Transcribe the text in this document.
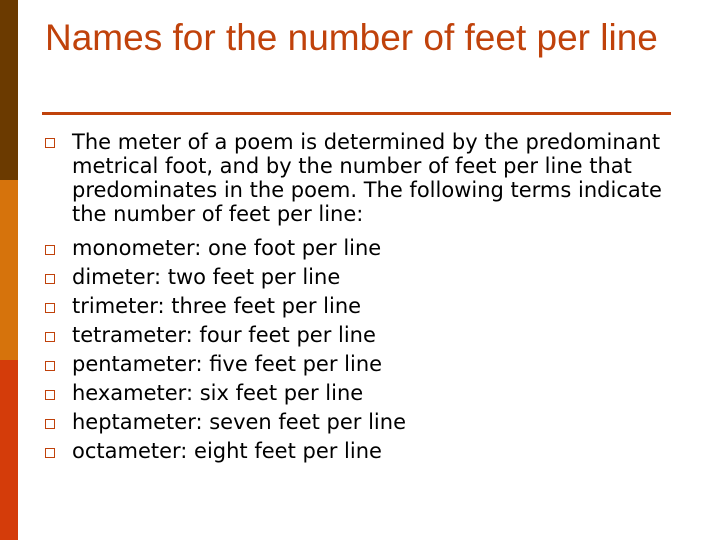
Names for the number of feet per line
The meter of a poem is determined by the predominant metrical foot, and by the number of feet per line that predominates in the poem. The following terms indicate the number of feet per line:
monometer: one foot per line
dimeter: two feet per line
trimeter: three feet per line
tetrameter: four feet per line
pentameter: five feet per line
hexameter: six feet per line
heptameter: seven feet per line
octameter: eight feet per line
